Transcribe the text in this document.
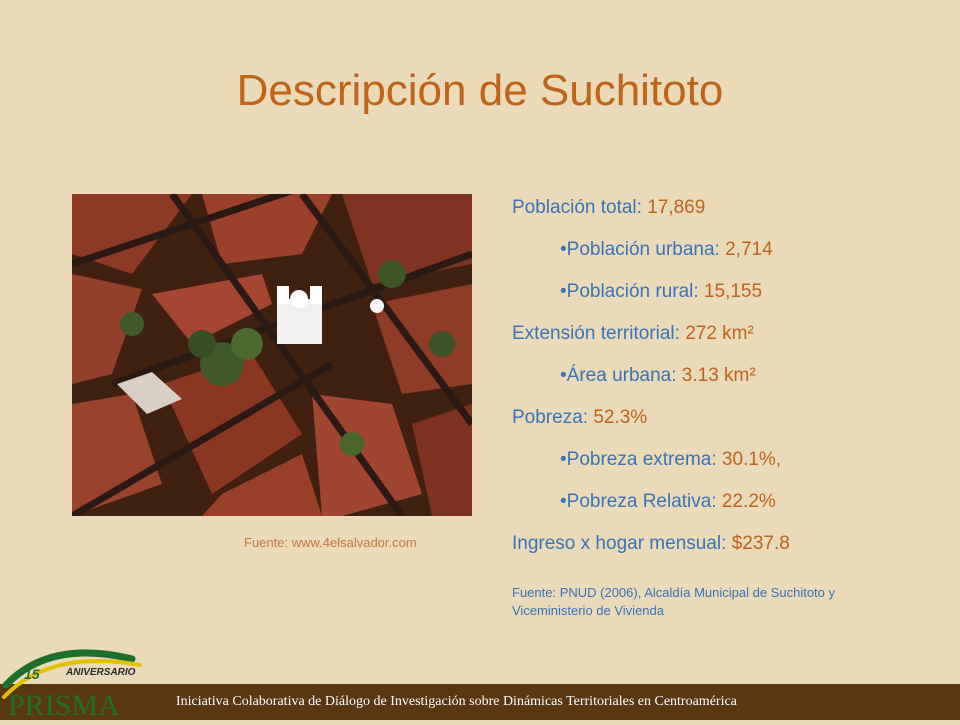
Descripción de Suchitoto
Fuente: www.4elsalvador.com
Población total: 17,869
•Población urbana: 2,714
•Población rural: 15,155
Extensión territorial: 272 km²
•Área urbana: 3.13 km²
Pobreza: 52.3%
•Pobreza extrema: 30.1%,
•Pobreza Relativa: 22.2%
Ingreso x hogar mensual: $237.8
Fuente: PNUD (2006), Alcaldía Municipal de Suchitoto y Viceministerio de Vivienda
Iniciativa Colaborativa de Diálogo de Investigación sobre Dinámicas Territoriales en Centroamérica
15	ANIVERSARIO
PRISMA
